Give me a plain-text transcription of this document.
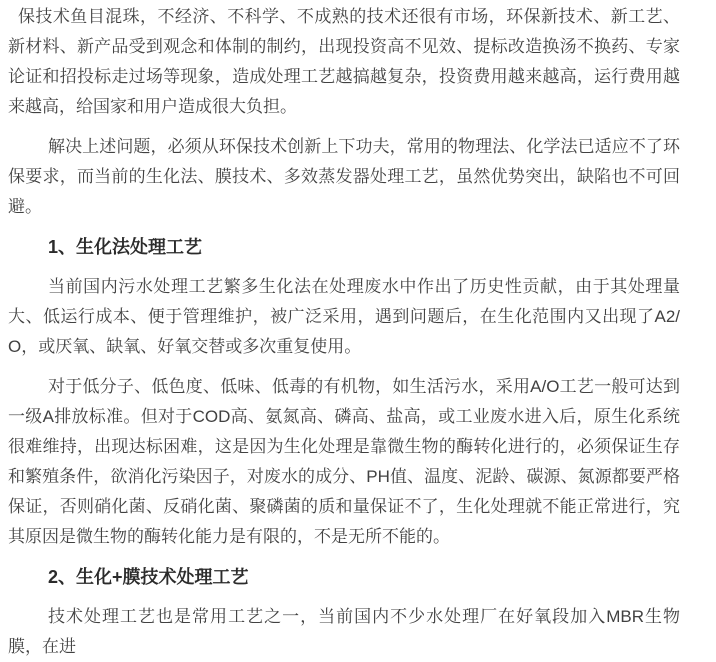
保技术鱼目混珠，不经济、不科学、不成熟的技术还很有市场，环保新技术、新工艺、新材料、新产品受到观念和体制的制约，出现投资高不见效、提标改造换汤不换药、专家论证和招投标走过场等现象，造成处理工艺越搞越复杂，投资费用越来越高，运行费用越来越高，给国家和用户造成很大负担。

解决上述问题，必须从环保技术创新上下功夫，常用的物理法、化学法已适应不了环保要求，而当前的生化法、膜技术、多效蒸发器处理工艺，虽然优势突出，缺陷也不可回避。

1、生化法处理工艺

当前国内污水处理工艺繁多生化法在处理废水中作出了历史性贡献，由于其处理量大、低运行成本、便于管理维护，被广泛采用，遇到问题后，在生化范围内又出现了A2/O，或厌氧、缺氧、好氧交替或多次重复使用。

对于低分子、低色度、低味、低毒的有机物，如生活污水，采用A/O工艺一般可达到一级A排放标准。但对于COD高、氨氮高、磷高、盐高，或工业废水进入后，原生化系统很难维持，出现达标困难，这是因为生化处理是靠微生物的酶转化进行的，必须保证生存和繁殖条件，欲消化污染因子，对废水的成分、PH值、温度、泥龄、碳源、氮源都要严格保证，否则硝化菌、反硝化菌、聚磷菌的质和量保证不了，生化处理就不能正常进行，究其原因是微生物的酶转化能力是有限的，不是无所不能的。

2、生化+膜技术处理工艺

技术处理工艺也是常用工艺之一，当前国内不少水处理厂在好氧段加入MBR生物膜，在进
